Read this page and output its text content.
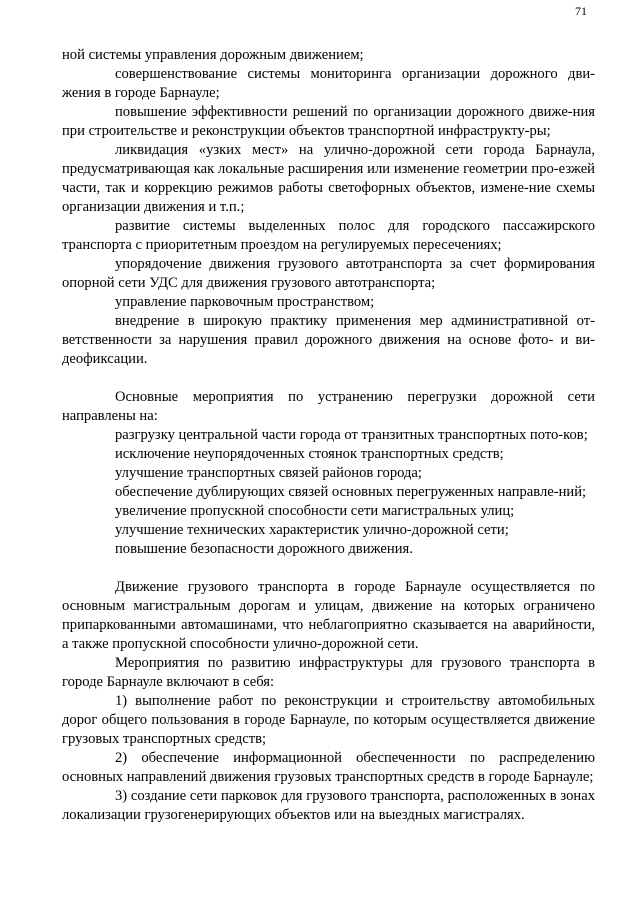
71

ной системы управления дорожным движением;

совершенствование системы мониторинга организации дорожного дви-жения в городе Барнауле;

повышение эффективности решений по организации дорожного движе-ния при строительстве и реконструкции объектов транспортной инфраструкту-ры;

ликвидация «узких мест» на улично-дорожной сети города Барнаула, предусматривающая как локальные расширения или изменение геометрии про-езжей части, так и коррекцию режимов работы светофорных объектов, измене-ние схемы организации движения и т.п.;

развитие системы выделенных полос для городского пассажирского транспорта с приоритетным проездом на регулируемых пересечениях;

упорядочение движения грузового автотранспорта за счет формирования опорной сети УДС для движения грузового автотранспорта;

управление парковочным пространством;

внедрение в широкую практику применения мер административной от-ветственности за нарушения правил дорожного движения на основе фото- и ви-деофиксации.

Основные мероприятия по устранению перегрузки дорожной сети направлены на:

разгрузку центральной части города от транзитных транспортных пото-ков;

исключение неупорядоченных стоянок транспортных средств;

улучшение транспортных связей районов города;

обеспечение дублирующих связей основных перегруженных направле-ний;

увеличение пропускной способности сети магистральных улиц;

улучшение технических характеристик улично-дорожной сети;

повышение безопасности дорожного движения.

Движение грузового транспорта в городе Барнауле осуществляется по основным магистральным дорогам и улицам, движение на которых ограничено припаркованными автомашинами, что неблагоприятно сказывается на аварийности, а также пропускной способности улично-дорожной сети.

Мероприятия по развитию инфраструктуры для грузового транспорта в городе Барнауле включают в себя:

1) выполнение работ по реконструкции и строительству автомобильных дорог общего пользования в городе Барнауле, по которым осуществляется движение грузовых транспортных средств;

2) обеспечение информационной обеспеченности по распределению основных направлений движения грузовых транспортных средств в городе Барнауле;

3) создание сети парковок для грузового транспорта, расположенных в зонах локализации грузогенерирующих объектов или на выездных магистралях.
